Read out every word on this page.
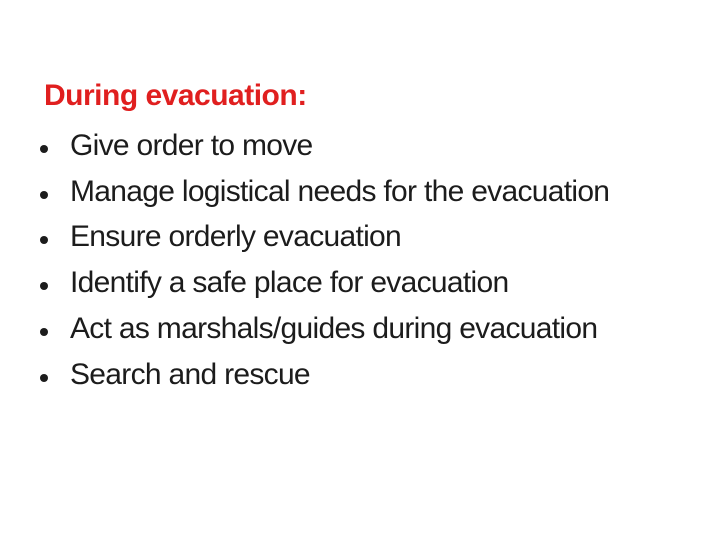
During evacuation:
Give order to move
Manage logistical needs for the evacuation
Ensure orderly evacuation
Identify a safe place for evacuation
Act as marshals/guides during evacuation
Search and rescue
